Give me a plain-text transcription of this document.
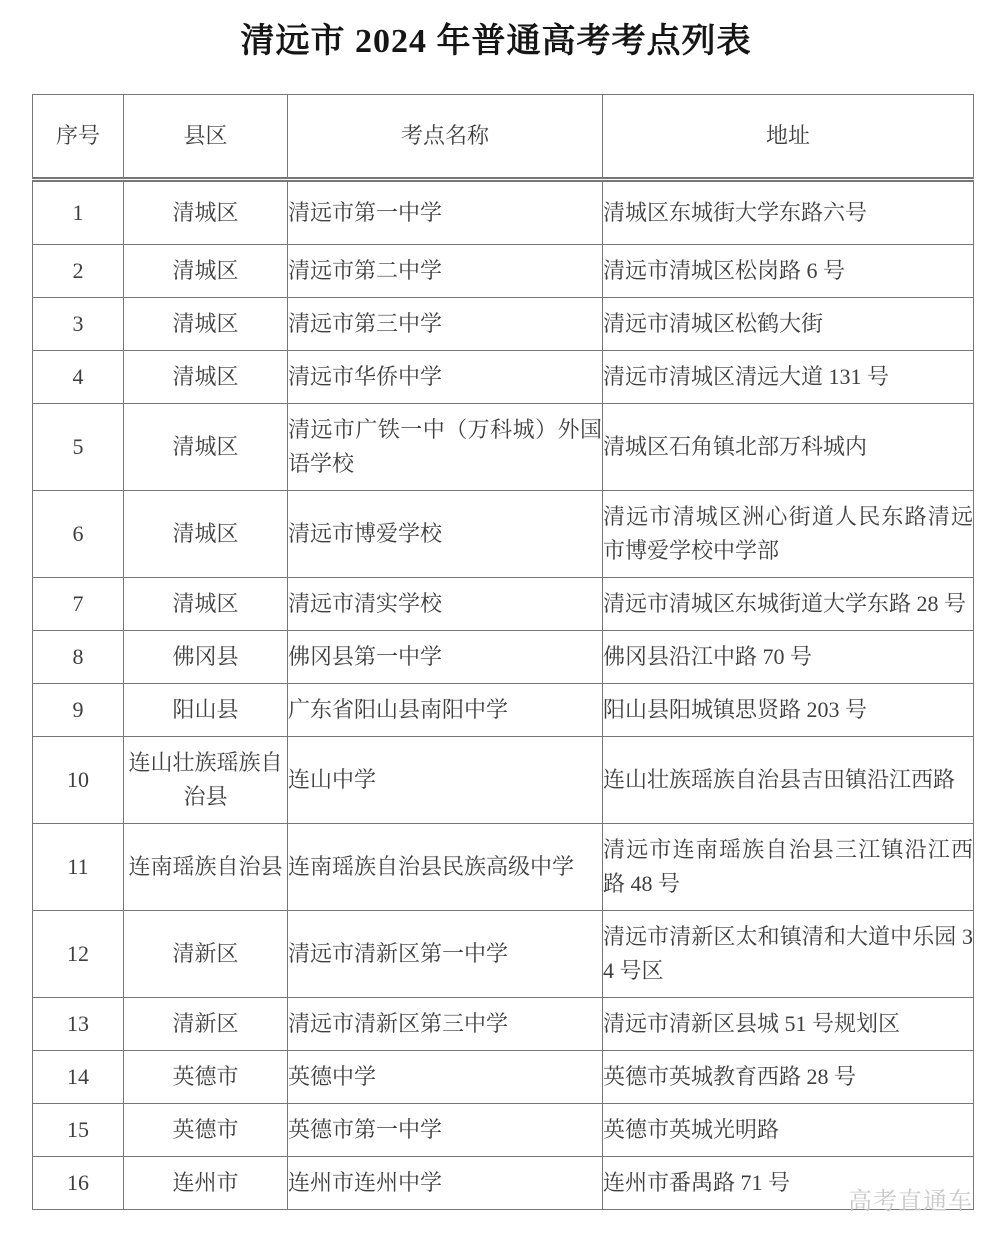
清远市 2024 年普通高考考点列表
序号	县区	考点名称	地址
1	清城区	清远市第一中学	清城区东城街大学东路六号
2	清城区	清远市第二中学	清远市清城区松岗路 6 号
3	清城区	清远市第三中学	清远市清城区松鹤大街
4	清城区	清远市华侨中学	清远市清城区清远大道 131 号
5	清城区	清远市广铁一中（万科城）外国语学校	清城区石角镇北部万科城内
6	清城区	清远市博爱学校	清远市清城区洲心街道人民东路清远市博爱学校中学部
7	清城区	清远市清实学校	清远市清城区东城街道大学东路 28 号
8	佛冈县	佛冈县第一中学	佛冈县沿江中路 70 号
9	阳山县	广东省阳山县南阳中学	阳山县阳城镇思贤路 203 号
10	连山壮族瑶族自治县	连山中学	连山壮族瑶族自治县吉田镇沿江西路
11	连南瑶族自治县	连南瑶族自治县民族高级中学	清远市连南瑶族自治县三江镇沿江西路 48 号
12	清新区	清远市清新区第一中学	清远市清新区太和镇清和大道中乐园 34 号区
13	清新区	清远市清新区第三中学	清远市清新区县城 51 号规划区
14	英德市	英德中学	英德市英城教育西路 28 号
15	英德市	英德市第一中学	英德市英城光明路
16	连州市	连州市连州中学	连州市番禺路 71 号
高考直通车
